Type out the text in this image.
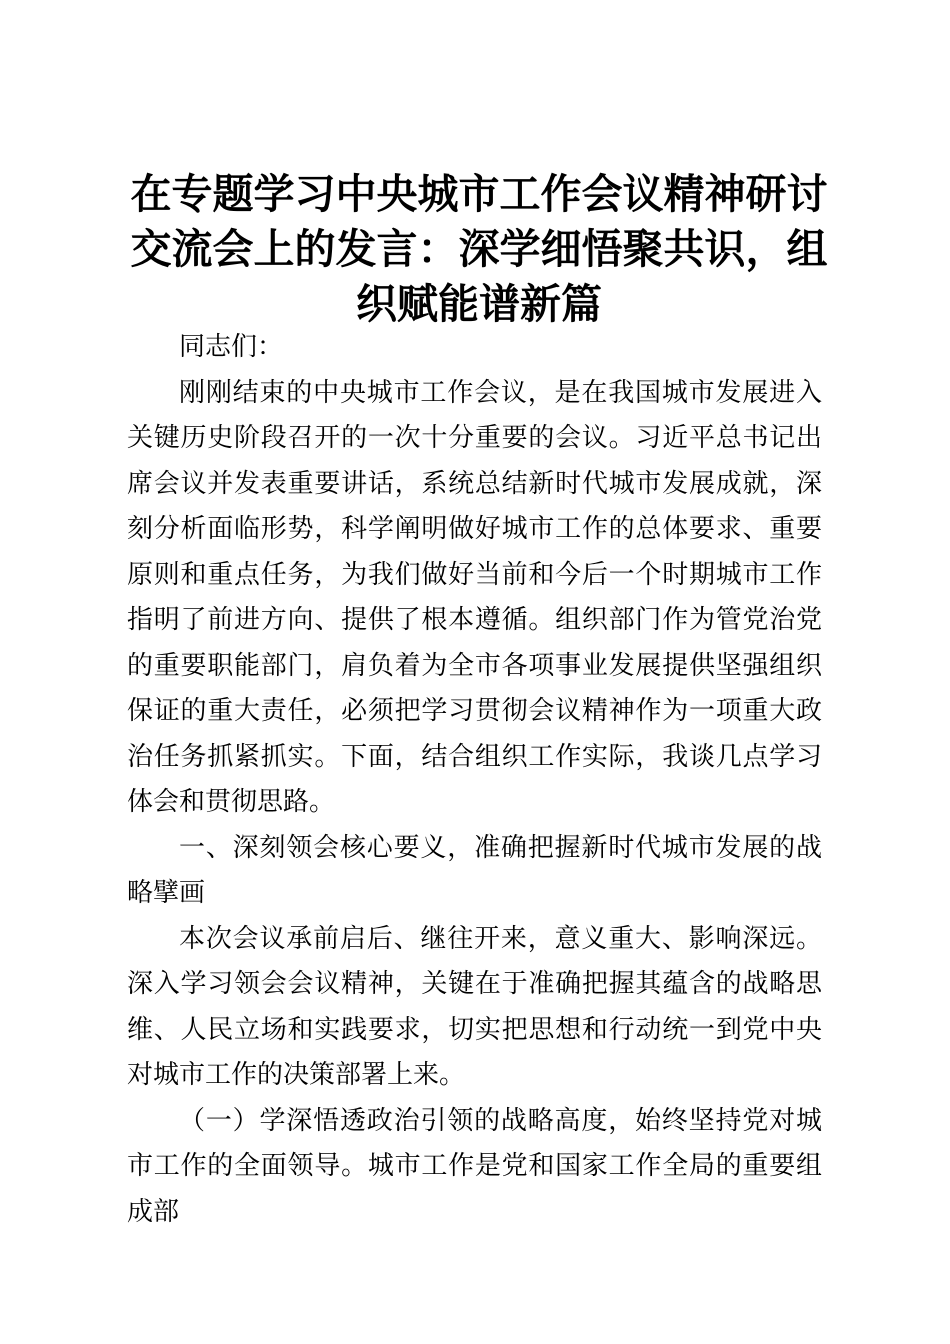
在专题学习中央城市工作会议精神研讨交流会上的发言：深学细悟聚共识，组织赋能谱新篇

同志们：

刚刚结束的中央城市工作会议，是在我国城市发展进入关键历史阶段召开的一次十分重要的会议。习近平总书记出席会议并发表重要讲话，系统总结新时代城市发展成就，深刻分析面临形势，科学阐明做好城市工作的总体要求、重要原则和重点任务，为我们做好当前和今后一个时期城市工作指明了前进方向、提供了根本遵循。组织部门作为管党治党的重要职能部门，肩负着为全市各项事业发展提供坚强组织保证的重大责任，必须把学习贯彻会议精神作为一项重大政治任务抓紧抓实。下面，结合组织工作实际，我谈几点学习体会和贯彻思路。

一、深刻领会核心要义，准确把握新时代城市发展的战略擘画

本次会议承前启后、继往开来，意义重大、影响深远。深入学习领会会议精神，关键在于准确把握其蕴含的战略思维、人民立场和实践要求，切实把思想和行动统一到党中央对城市工作的决策部署上来。

（一）学深悟透政治引领的战略高度，始终坚持党对城市工作的全面领导。城市工作是党和国家工作全局的重要组成部
